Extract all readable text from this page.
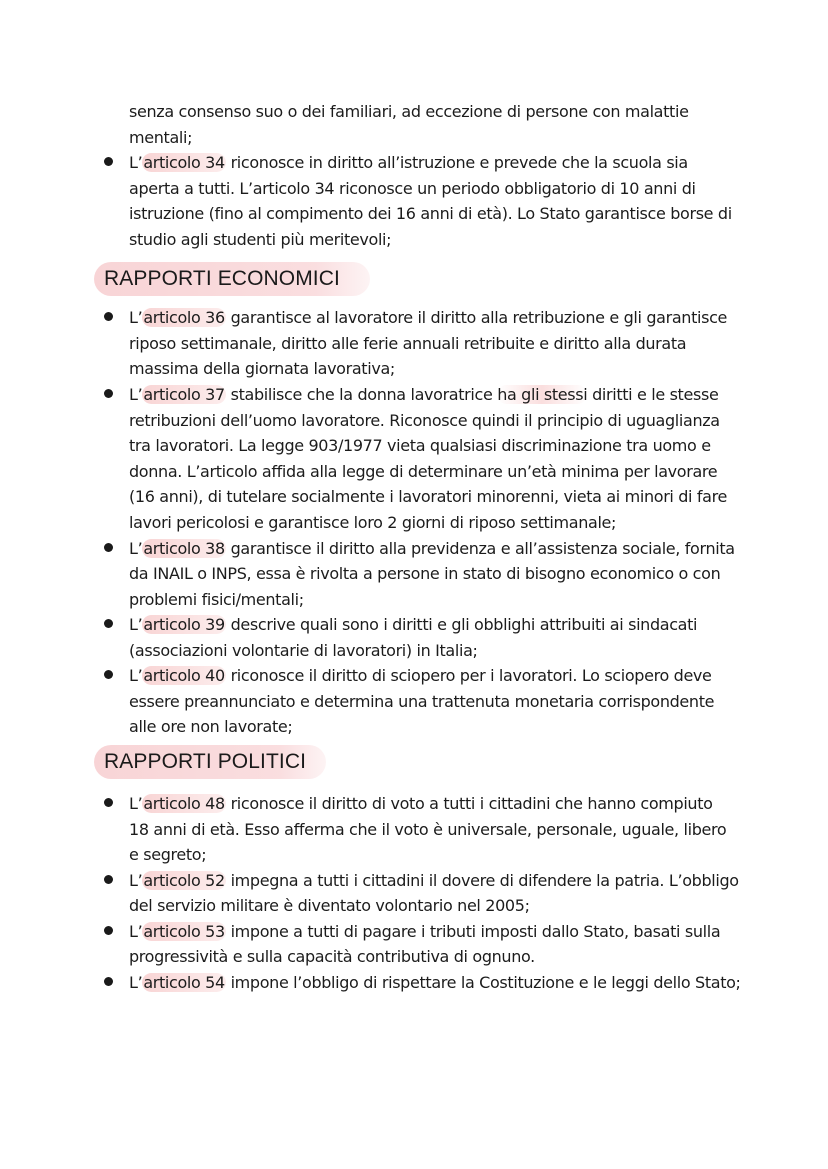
senza consenso suo o dei familiari, ad eccezione di persone con malattie
mentali;
L’articolo 34 riconosce in diritto all’istruzione e prevede che la scuola sia
aperta a tutti. L’articolo 34 riconosce un periodo obbligatorio di 10 anni di
istruzione (fino al compimento dei 16 anni di età). Lo Stato garantisce borse di
studio agli studenti più meritevoli;
RAPPORTI ECONOMICI
L’articolo 36 garantisce al lavoratore il diritto alla retribuzione e gli garantisce
riposo settimanale, diritto alle ferie annuali retribuite e diritto alla durata
massima della giornata lavorativa;
L’articolo 37 stabilisce che la donna lavoratrice ha gli stessi diritti e le stesse
retribuzioni dell’uomo lavoratore. Riconosce quindi il principio di uguaglianza
tra lavoratori. La legge 903/1977 vieta qualsiasi discriminazione tra uomo e
donna. L’articolo affida alla legge di determinare un’età minima per lavorare
(16 anni), di tutelare socialmente i lavoratori minorenni, vieta ai minori di fare
lavori pericolosi e garantisce loro 2 giorni di riposo settimanale;
L’articolo 38 garantisce il diritto alla previdenza e all’assistenza sociale, fornita
da INAIL o INPS, essa è rivolta a persone in stato di bisogno economico o con
problemi fisici/mentali;
L’articolo 39 descrive quali sono i diritti e gli obblighi attribuiti ai sindacati
(associazioni volontarie di lavoratori) in Italia;
L’articolo 40 riconosce il diritto di sciopero per i lavoratori. Lo sciopero deve
essere preannunciato e determina una trattenuta monetaria corrispondente
alle ore non lavorate;
RAPPORTI POLITICI
L’articolo 48 riconosce il diritto di voto a tutti i cittadini che hanno compiuto
18 anni di età. Esso afferma che il voto è universale, personale, uguale, libero
e segreto;
L’articolo 52 impegna a tutti i cittadini il dovere di difendere la patria. L’obbligo
del servizio militare è diventato volontario nel 2005;
L’articolo 53 impone a tutti di pagare i tributi imposti dallo Stato, basati sulla
progressività e sulla capacità contributiva di ognuno.
L’articolo 54 impone l’obbligo di rispettare la Costituzione e le leggi dello Stato;
